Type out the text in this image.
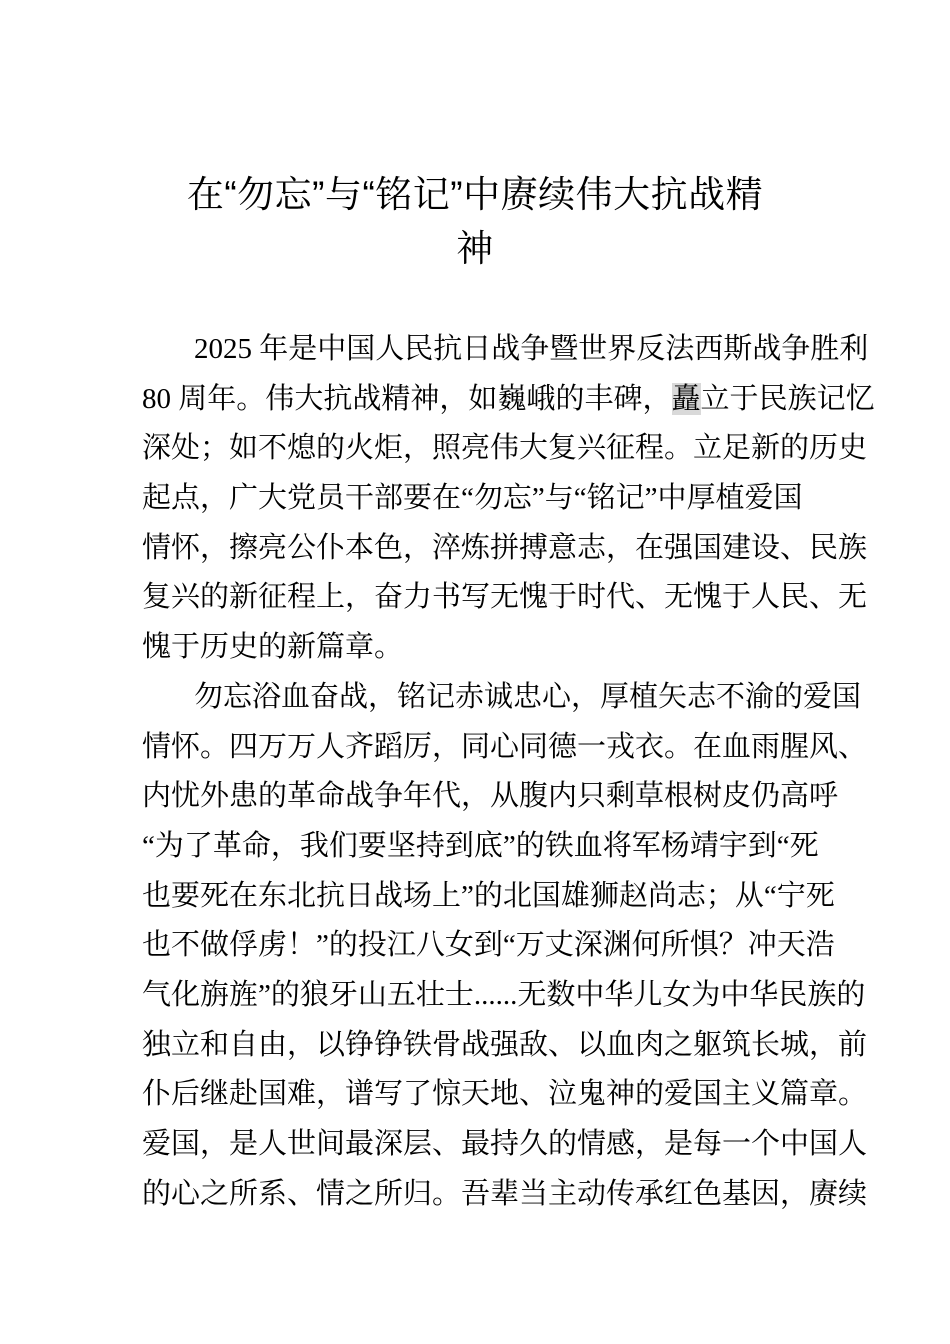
在“勿忘”与“铭记”中赓续伟大抗战精
神
2025 年是中国人民抗日战争暨世界反法西斯战争胜利
80 周年。伟大抗战精神，如巍峨的丰碑，矗立于民族记忆
深处；如不熄的火炬，照亮伟大复兴征程。立足新的历史
起点，广大党员干部要在“勿忘”与“铭记”中厚植爱国
情怀，擦亮公仆本色，淬炼拼搏意志，在强国建设、民族
复兴的新征程上，奋力书写无愧于时代、无愧于人民、无
愧于历史的新篇章。
勿忘浴血奋战，铭记赤诚忠心，厚植矢志不渝的爱国
情怀。四万万人齐蹈厉，同心同德一戎衣。在血雨腥风、
内忧外患的革命战争年代，从腹内只剩草根树皮仍高呼
“为了革命，我们要坚持到底”的铁血将军杨靖宇到“死
也要死在东北抗日战场上”的北国雄狮赵尚志；从“宁死
也不做俘虏！”的投江八女到“万丈深渊何所惧？冲天浩
气化旃旌”的狼牙山五壮士......无数中华儿女为中华民族的
独立和自由，以铮铮铁骨战强敌、以血肉之躯筑长城，前
仆后继赴国难，谱写了惊天地、泣鬼神的爱国主义篇章。
爱国，是人世间最深层、最持久的情感，是每一个中国人
的心之所系、情之所归。吾辈当主动传承红色基因，赓续
